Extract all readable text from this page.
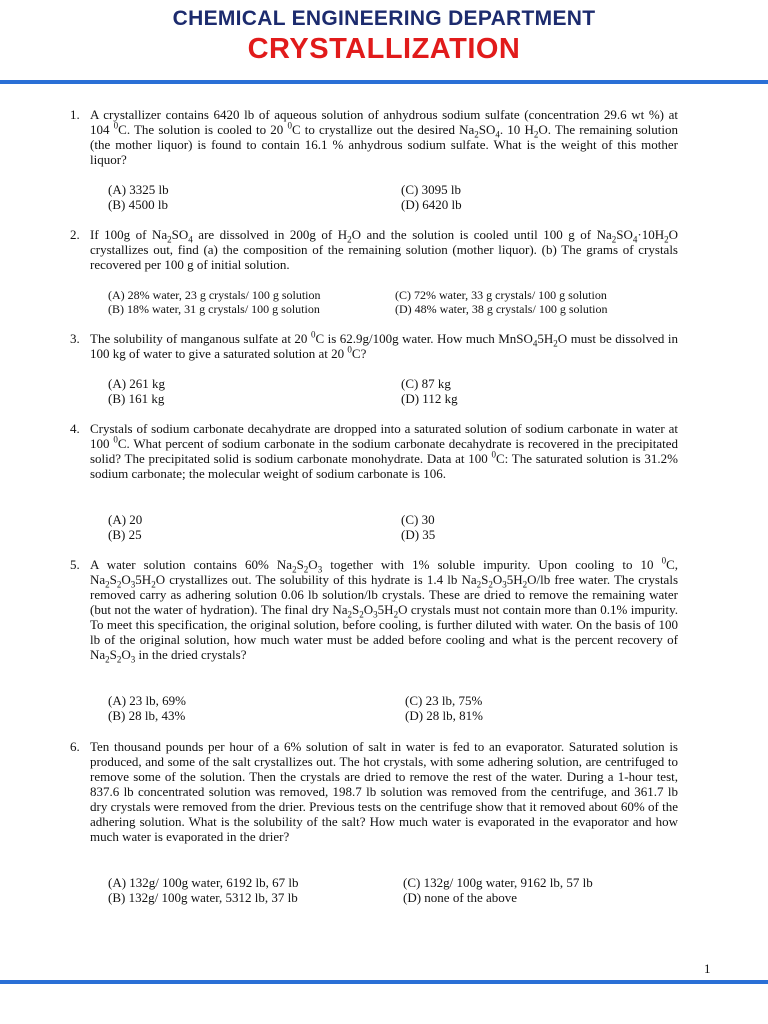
CHEMICAL ENGINEERING DEPARTMENT
CRYSTALLIZATION
1. A crystallizer contains 6420 lb of aqueous solution of anhydrous sodium sulfate (concentration 29.6 wt %) at 104 $^0$C. The solution is cooled to 20 $^0$C to crystallize out the desired $Na_2SO_4$. 10 $H_2O$. The remaining solution (the mother liquor) is found to contain 16.1 % anhydrous sodium sulfate. What is the weight of this mother liquor?

(A) 3325 lb
(B) 4500 lb
(C) 3095 lb
(D) 6420 lb
2. If 100g of $Na_2SO_4$ are dissolved in 200g of $H_2O$ and the solution is cooled until 100 g of $Na_2SO_4\cdot 10H_2O$ crystallizes out, find (a) the composition of the remaining solution (mother liquor). (b) The grams of crystals recovered per 100 g of initial solution.

(A) 28% water, 23 g crystals/ 100 g solution
(B) 18% water, 31 g crystals/ 100 g solution
(C) 72% water, 33 g crystals/ 100 g solution
(D) 48% water, 38 g crystals/ 100 g solution
3. The solubility of manganous sulfate at 20 $^0$C is 62.9g/100g water. How much $MnSO_45H_2O$ must be dissolved in 100 kg of water to give a saturated solution at 20 $^0$C?

(A) 261 kg
(B) 161 kg
(C) 87 kg
(D) 112 kg
4. Crystals of sodium carbonate decahydrate are dropped into a saturated solution of sodium carbonate in water at 100 $^0$C. What percent of sodium carbonate in the sodium carbonate decahydrate is recovered in the precipitated solid? The precipitated solid is sodium carbonate monohydrate. Data at 100 $^0$C: The saturated solution is 31.2% sodium carbonate; the molecular weight of sodium carbonate is 106.

(A) 20
(B) 25
(C) 30
(D) 35
5. A water solution contains 60% $Na_2S_2O_3$ together with 1% soluble impurity. Upon cooling to 10 $^0$C, $Na_2S_2O_35H_2O$ crystallizes out. The solubility of this hydrate is 1.4 lb $Na_2S_2O_35H_2O/lb$ free water. The crystals removed carry as adhering solution 0.06 lb solution/lb crystals. These are dried to remove the remaining water (but not the water of hydration). The final dry $Na_2S_2O_35H_2O$ crystals must not contain more than 0.1% impurity. To meet this specification, the original solution, before cooling, is further diluted with water. On the basis of 100 lb of the original solution, how much water must be added before cooling and what is the percent recovery of $Na_2S_2O_3$ in the dried crystals?

(A) 23 lb, 69%
(B) 28 lb, 43%
(C) 23 lb, 75%
(D) 28 lb, 81%
6. Ten thousand pounds per hour of a 6% solution of salt in water is fed to an evaporator. Saturated solution is produced, and some of the salt crystallizes out. The hot crystals, with some adhering solution, are centrifuged to remove some of the solution. Then the crystals are dried to remove the rest of the water. During a 1-hour test, 837.6 lb concentrated solution was removed, 198.7 lb solution was removed from the centrifuge, and 361.7 lb dry crystals were removed from the drier. Previous tests on the centrifuge show that it removed about 60% of the adhering solution. What is the solubility of the salt? How much water is evaporated in the evaporator and how much water is evaporated in the drier?

(A) 132g/ 100g water, 6192 lb, 67 lb
(B) 132g/ 100g water, 5312 lb, 37 lb
(C) 132g/ 100g water, 9162 lb, 57 lb
(D) none of the above
1
